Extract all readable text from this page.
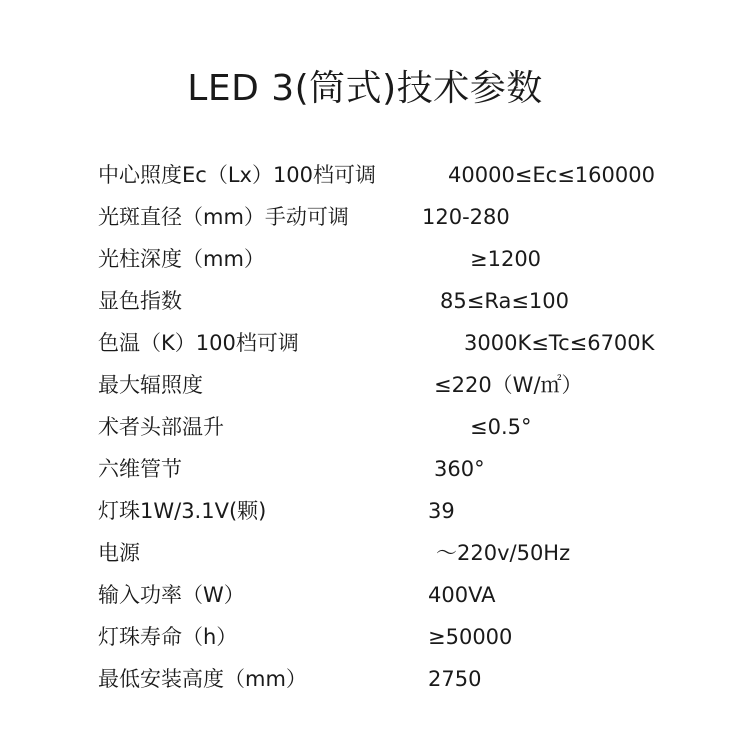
LED 3(筒式)技术参数
中心照度Ec（Lx）100档可调	40000≤Ec≤160000
光斑直径（mm）手动可调	120-280
光柱深度（mm）	≥1200
显色指数	85≤Ra≤100
色温（K）100档可调	3000K≤Tc≤6700K
最大辐照度	≤220（W/㎡）
术者头部温升	≤0.5°
六维管节	360°
灯珠1W/3.1V(颗)	39
电源	～220v/50Hz
输入功率（W）	400VA
灯珠寿命（h）	≥50000
最低安装高度（mm）	2750
